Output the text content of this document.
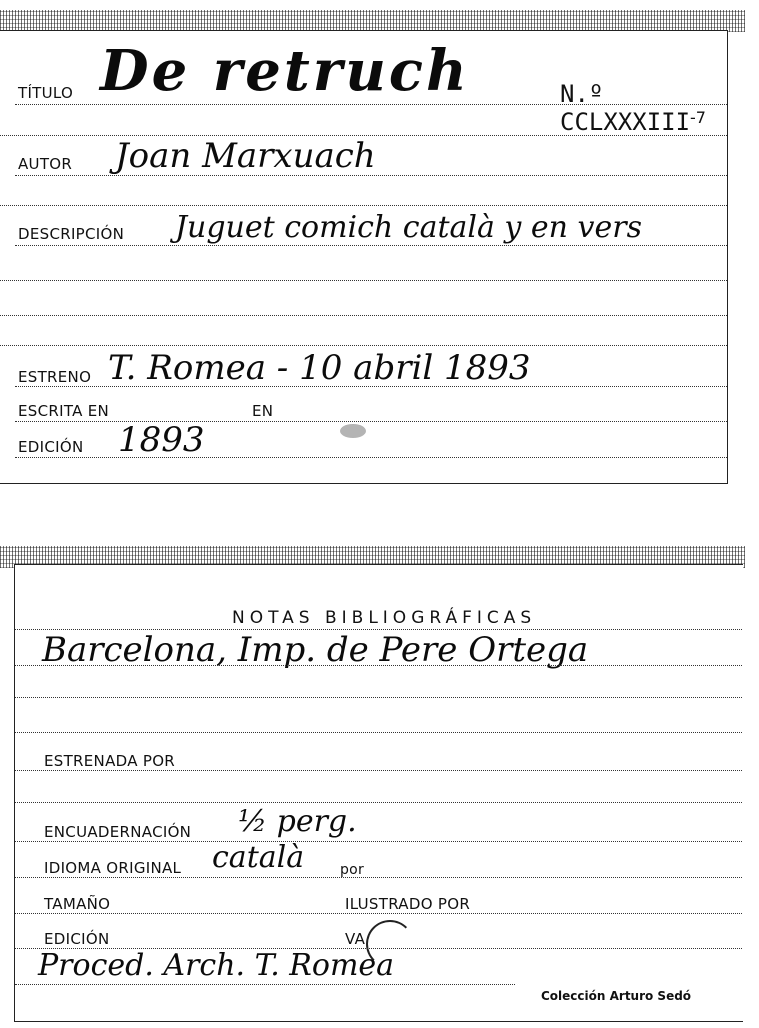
TÍTULO De retruch	N.º CCLXXXIII -7
AUTOR Joan Marxuach
DESCRIPCIÓN Juguet comich català y en vers
ESTRENO T. Romea - 10 abril 1893
ESCRITA EN	EN
EDICIÓN 1893
NOTAS BIBLIOGRÁFICAS
Barcelona, Imp. de Pere Ortega
ESTRENADA POR
ENCUADERNACIÓN ½ perg.
IDIOMA ORIGINAL català	por
TAMAÑO	ILUSTRADO POR
EDICIÓN	VA
Proced. Arch. T. Romea
Colección Arturo Sedó
